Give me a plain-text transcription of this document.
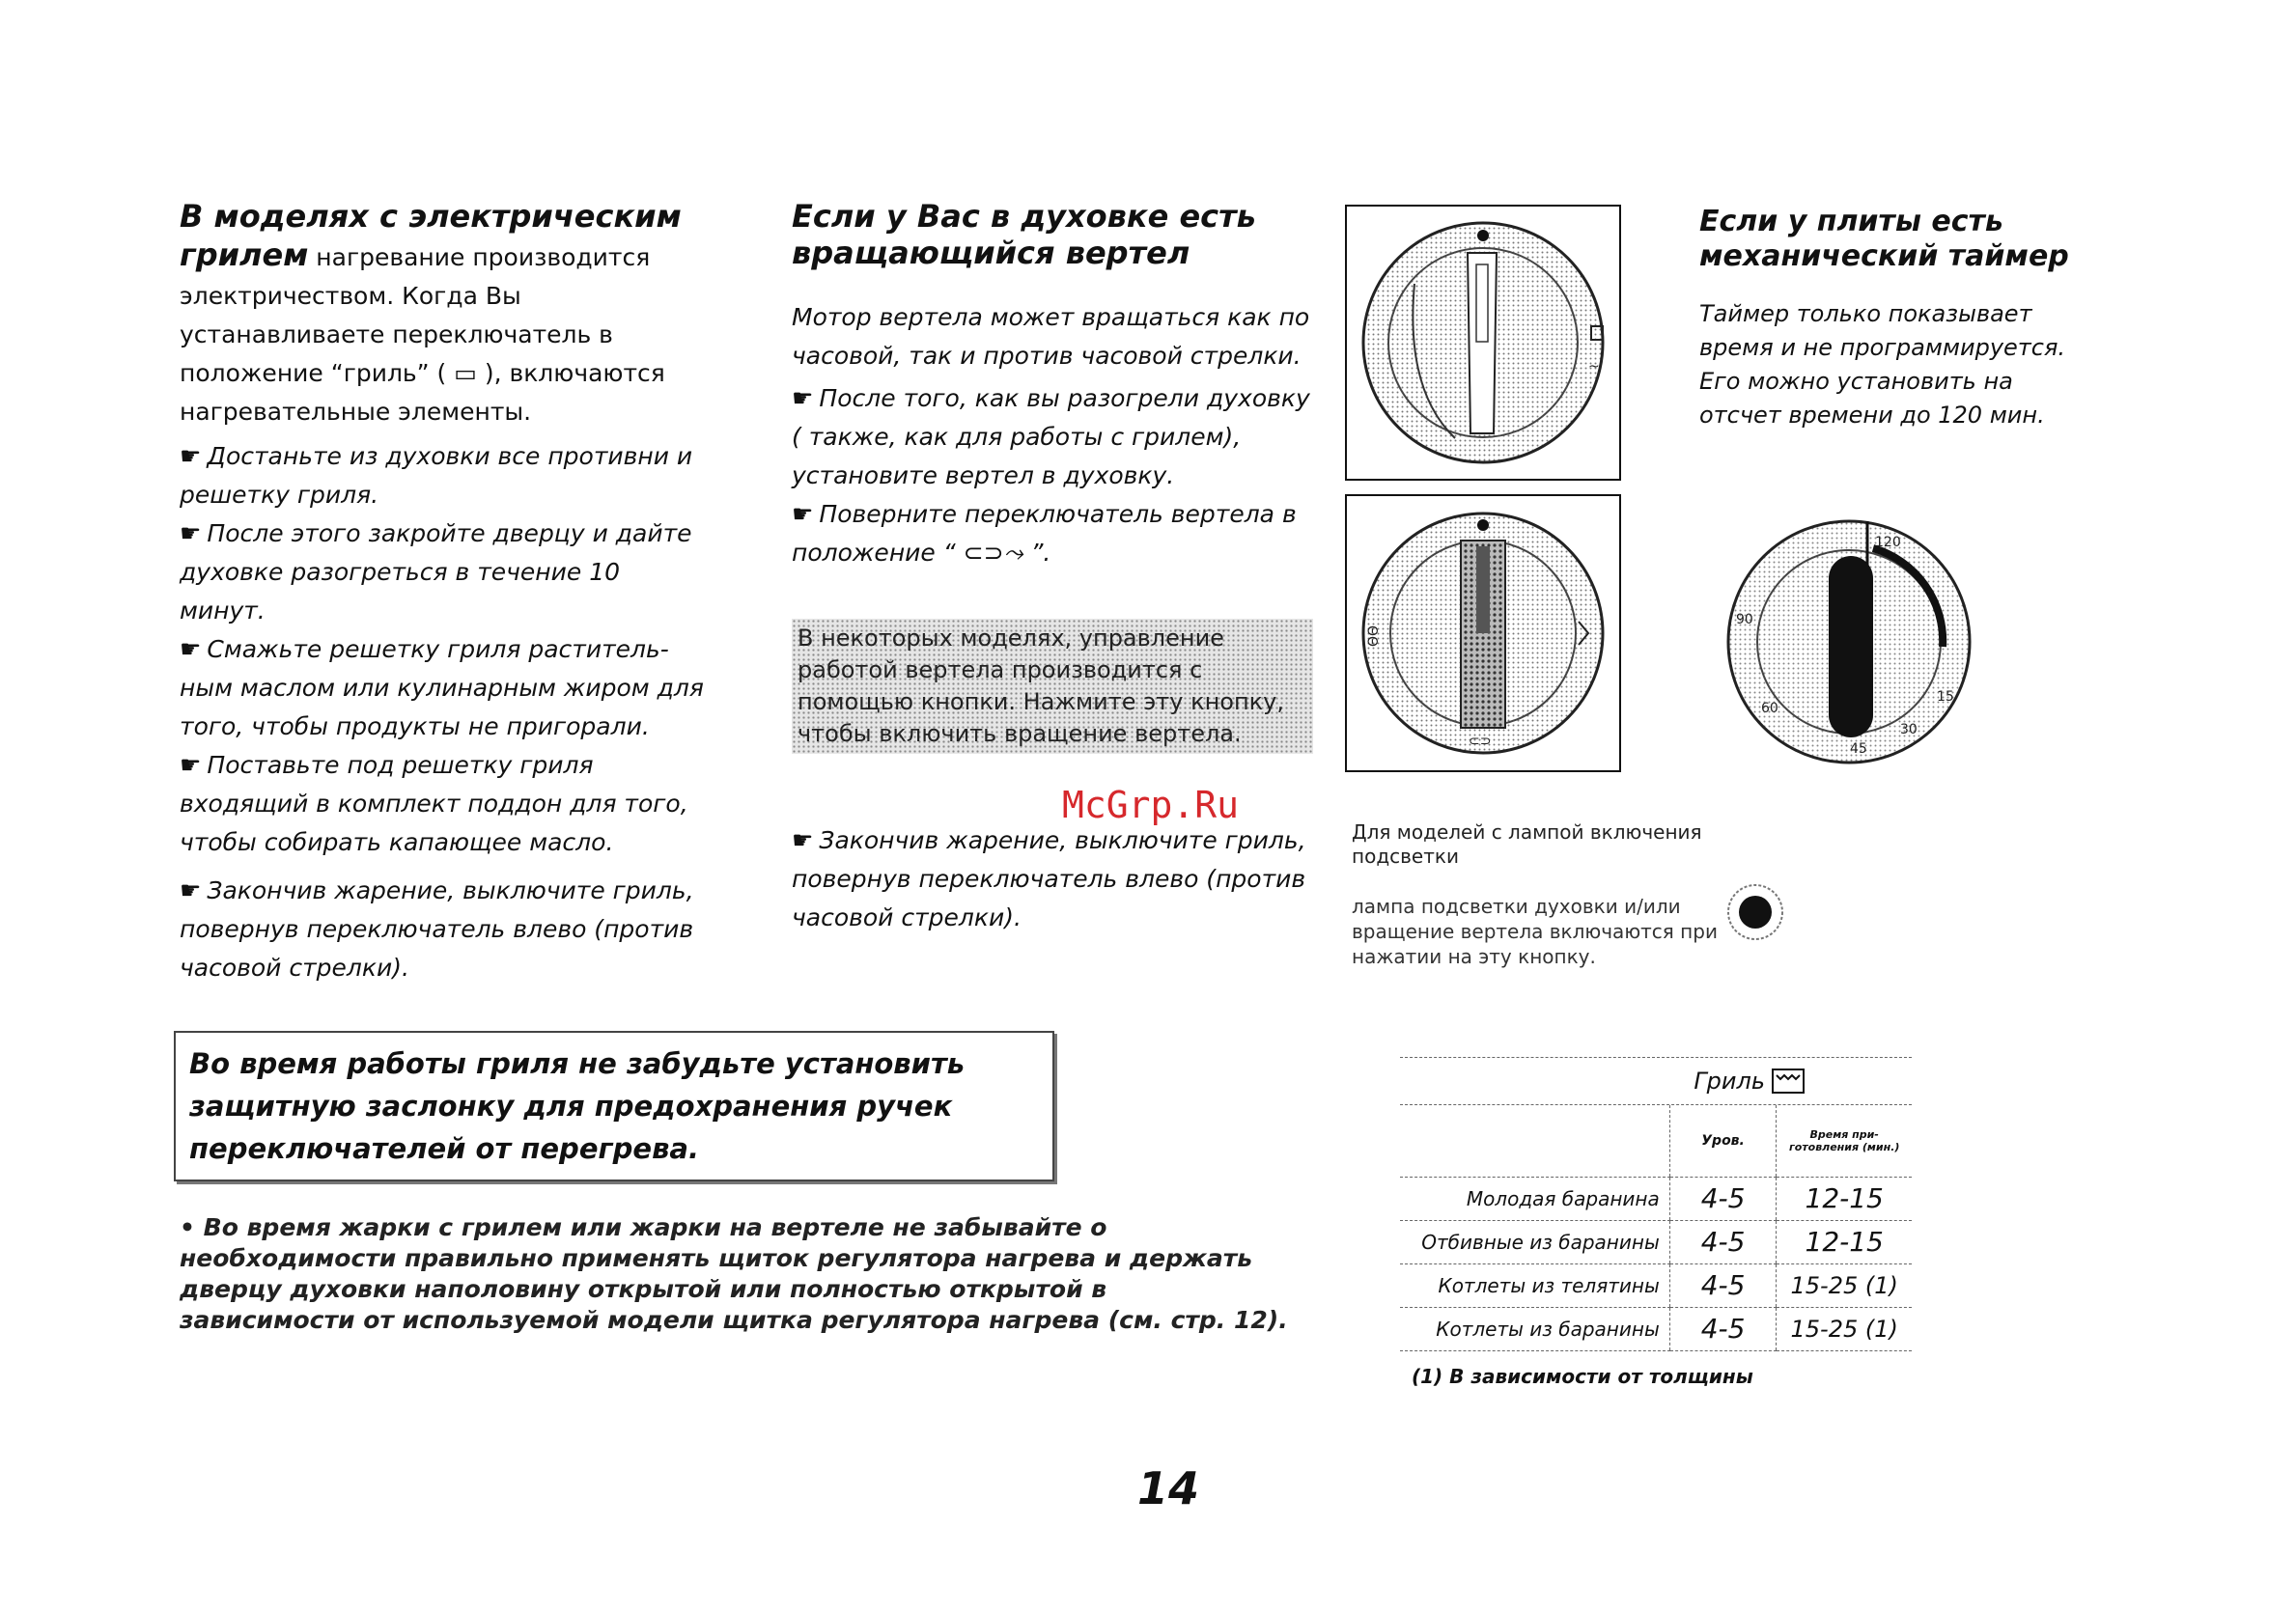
В моделях с электрическим

грилем нагревание производится электричеством. Когда Вы устанавливаете переключатель в положение “гриль” ( ▭ ), включаются нагревательные элементы.

☛ Достаньте из духовки все противни и решетку гриля.

☛ После этого закройте дверцу и дайте духовке разогреться в течение 10 минут.

☛ Смажьте решетку гриля раститель-ным маслом или кулинарным жиром для того, чтобы продукты не пригорали.

☛ Поставьте под решетку гриля входящий в комплект поддон для того, чтобы собирать капающее масло.

☛ Закончив жарение, выключите гриль, повернув переключатель влево (против часовой стрелки).

Если у Вас в духовке есть вращающийся вертел

Мотор вертела может вращаться как по часовой, так и против часовой стрелки.

☛ После того, как вы разогрели духовку ( также, как для работы с грилем), установите вертел в духовку.

☛ Поверните переключатель вертела в положение “ ⊂⊃⤳ ”.

В некоторых моделях, управление работой вертела производится с помощью кнопки. Нажмите эту кнопку, чтобы включить вращение вертела.

☛ Закончив жарение, выключите гриль, повернув переключатель влево (против часовой стрелки).

~
ΘΘ
⊂⊃

Если у плиты есть механический таймер

Таймер только показывает время и не программируется. Его можно установить на отсчет времени до 120 мин.

120
15
30
45
60
90
McGrp.Ru

Для моделей с лампой включения подсветки

лампа подсветки духовки и/или вращение вертела включаются при нажатии на эту кнопку.

Во время работы гриля не забудьте установить защитную заслонку для предохранения ручек переключателей от перегрева.

• Во время жарки с грилем или жарки на вертеле не забывайте о необходимости правильно применять щиток регулятора нагрева и держать дверцу духовки наполовину открытой или полностью открытой в зависимости от используемой модели щитка регулятора нагрева (см. стр. 12).
Гриль
	Уров.	Время при-готовления (мин.)
Молодая баранина	4-5	12-15
Отбивные из баранины	4-5	12-15
Котлеты из телятины	4-5	15-25 (1)
Котлеты из баранины	4-5	15-25 (1)

(1) В зависимости от толщины

14
